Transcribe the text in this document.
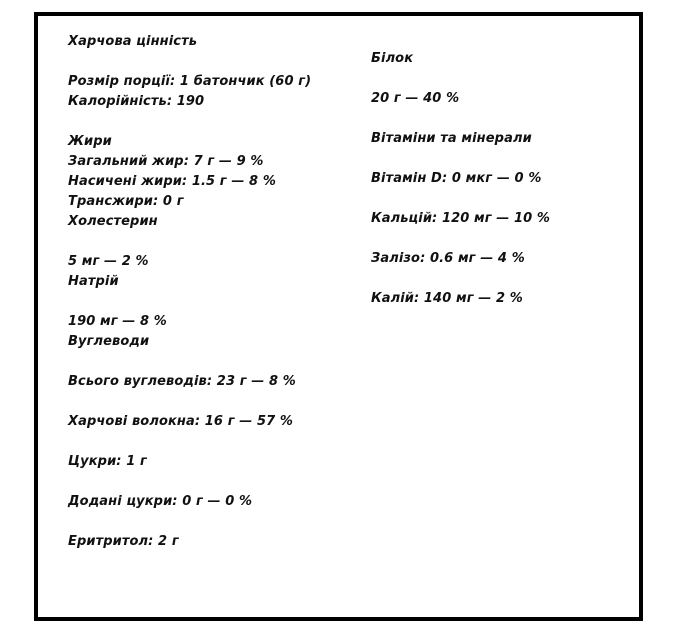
Харчова цінність
Розмір порції: 1 батончик (60 г)
Калорійність: 190
Жири
Загальний жир: 7 г — 9 %
Насичені жири: 1.5 г — 8 %
Трансжири: 0 г
Холестерин
5 мг — 2 %
Натрій
190 мг — 8 %
Вуглеводи
Всього вуглеводів: 23 г — 8 %
Харчові волокна: 16 г — 57 %
Цукри: 1 г
Додані цукри: 0 г — 0 %
Еритритол: 2 г
Білок
20 г — 40 %
Вітаміни та мінерали
Вітамін D: 0 мкг — 0 %
Кальцій: 120 мг — 10 %
Залізо: 0.6 мг — 4 %
Калій: 140 мг — 2 %
